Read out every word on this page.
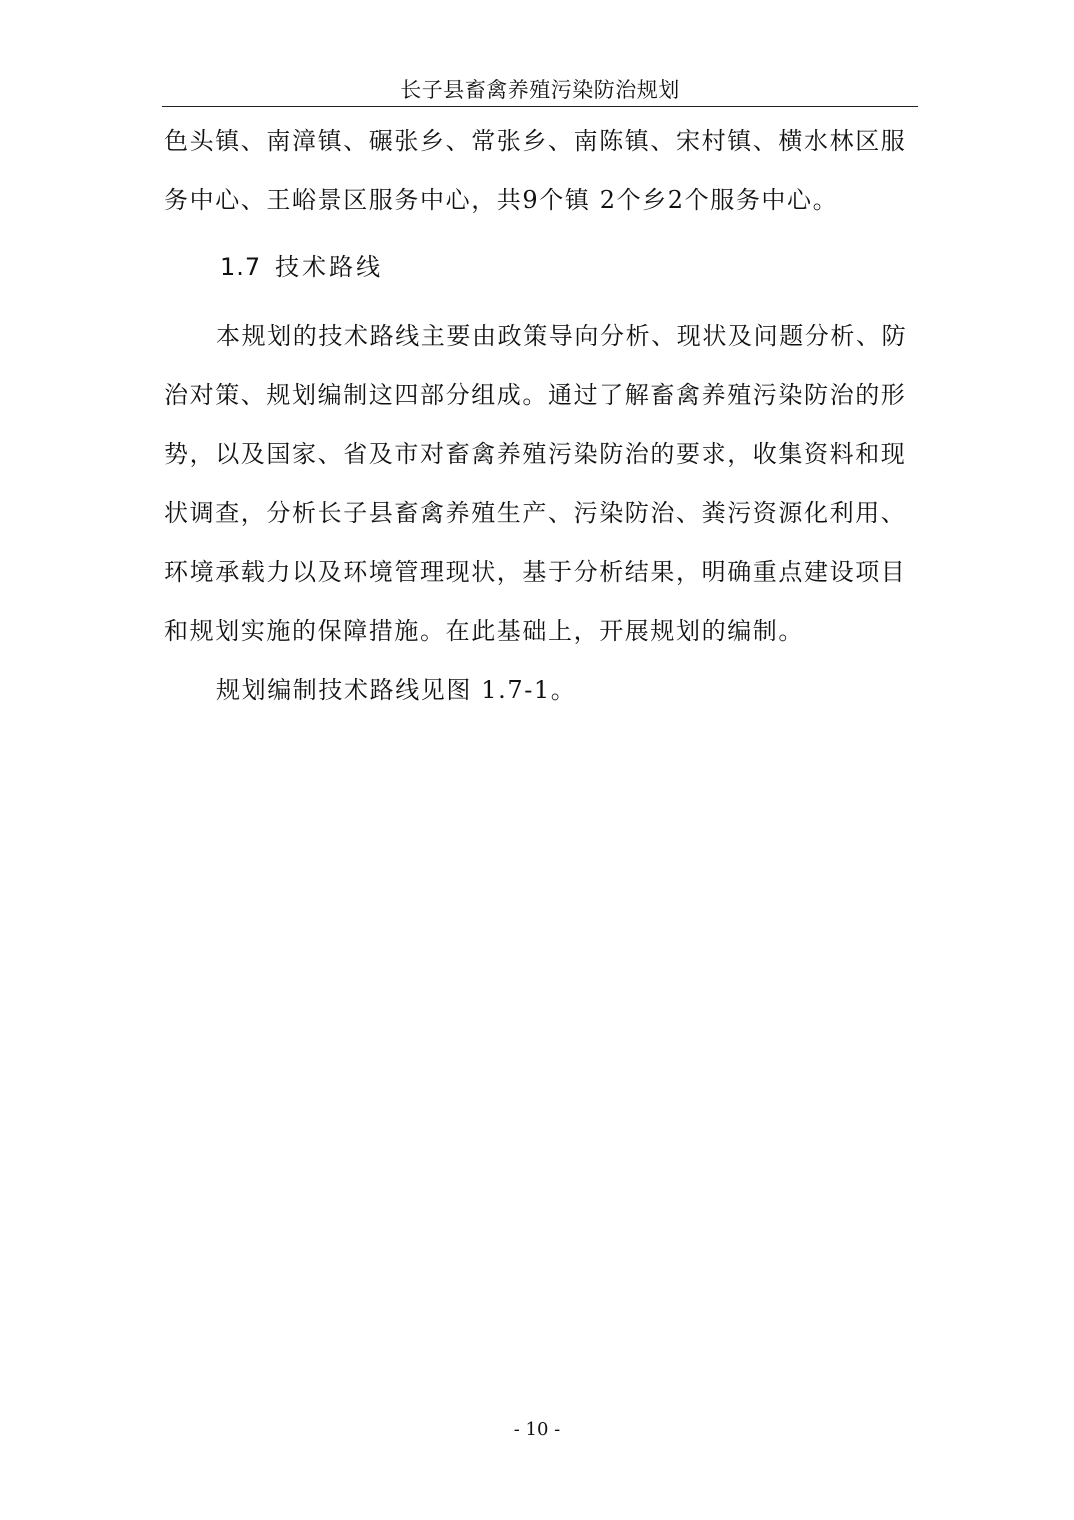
长子县畜禽养殖污染防治规划

色头镇、南漳镇、碾张乡、常张乡、南陈镇、宋村镇、横水林区服务中心、王峪景区服务中心，共9个镇 2个乡2个服务中心。

1.7 技术路线

本规划的技术路线主要由政策导向分析、现状及问题分析、防治对策、规划编制这四部分组成。通过了解畜禽养殖污染防治的形势，以及国家、省及市对畜禽养殖污染防治的要求，收集资料和现状调查，分析长子县畜禽养殖生产、污染防治、粪污资源化利用、环境承载力以及环境管理现状，基于分析结果，明确重点建设项目和规划实施的保障措施。在此基础上，开展规划的编制。

规划编制技术路线见图 1.7-1。

- 10 -
